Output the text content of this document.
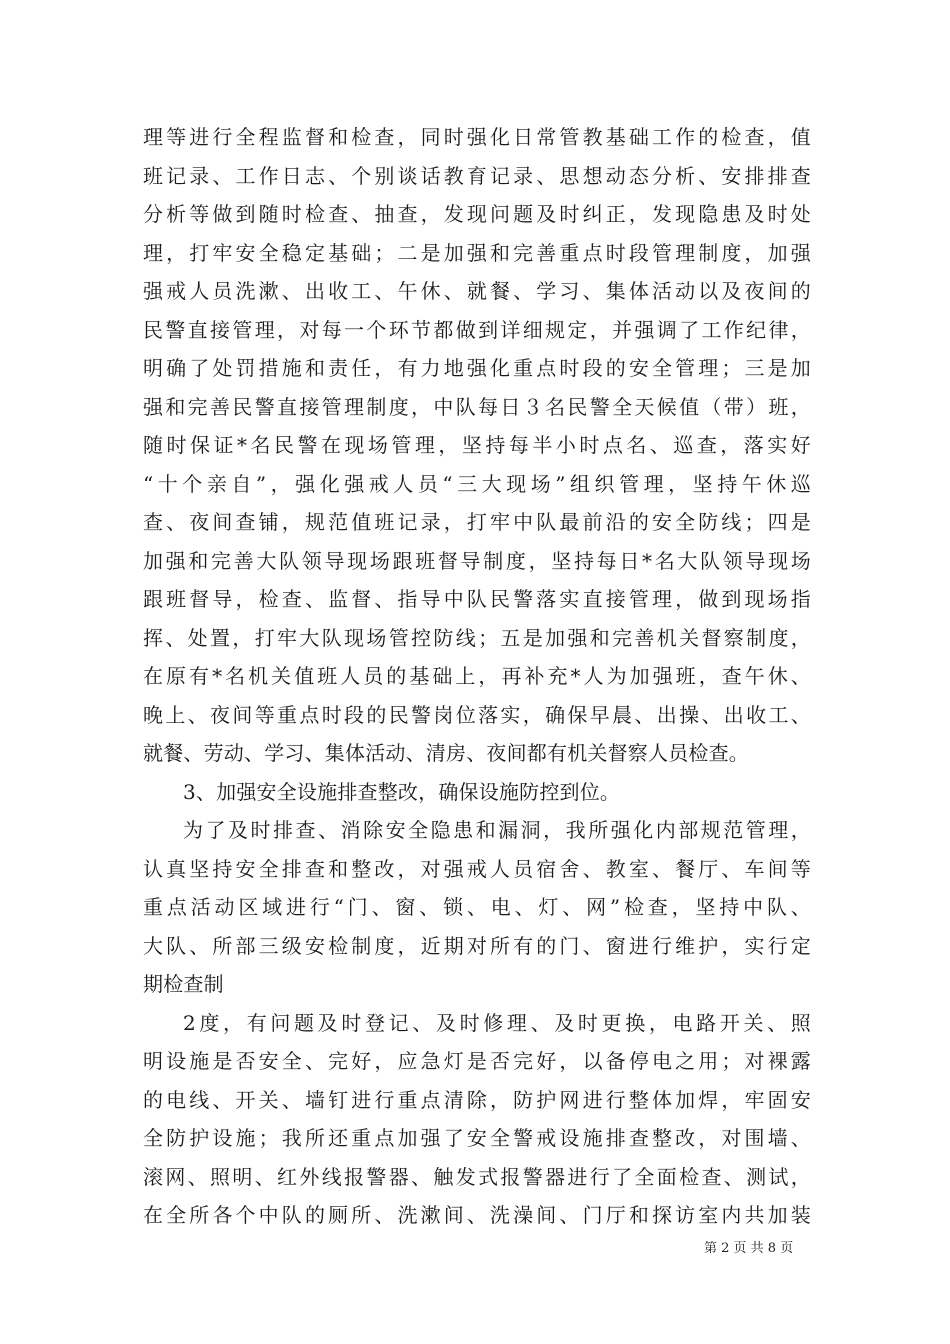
理等进行全程监督和检查，同时强化日常管教基础工作的检查，值
班记录、工作日志、个别谈话教育记录、思想动态分析、安排排查
分析等做到随时检查、抽查，发现问题及时纠正，发现隐患及时处
理，打牢安全稳定基础；二是加强和完善重点时段管理制度，加强
强戒人员洗漱、出收工、午休、就餐、学习、集体活动以及夜间的
民警直接管理，对每一个环节都做到详细规定，并强调了工作纪律，
明确了处罚措施和责任，有力地强化重点时段的安全管理；三是加
强和完善民警直接管理制度，中队每日３名民警全天候值（带）班，
随时保证*名民警在现场管理，坚持每半小时点名、巡查，落实好
“十个亲自”，强化强戒人员“三大现场”组织管理，坚持午休巡
查、夜间查铺，规范值班记录，打牢中队最前沿的安全防线；四是
加强和完善大队领导现场跟班督导制度，坚持每日*名大队领导现场
跟班督导，检查、监督、指导中队民警落实直接管理，做到现场指
挥、处置，打牢大队现场管控防线；五是加强和完善机关督察制度，
在原有*名机关值班人员的基础上，再补充*人为加强班，查午休、
晚上、夜间等重点时段的民警岗位落实，确保早晨、出操、出收工、
就餐、劳动、学习、集体活动、清房、夜间都有机关督察人员检查。
3、加强安全设施排查整改，确保设施防控到位。
为了及时排查、消除安全隐患和漏洞，我所强化内部规范管理，
认真坚持安全排查和整改，对强戒人员宿舍、教室、餐厅、车间等
重点活动区域进行“门、窗、锁、电、灯、网”检查，坚持中队、
大队、所部三级安检制度，近期对所有的门、窗进行维护，实行定
期检查制
2度，有问题及时登记、及时修理、及时更换，电路开关、照
明设施是否安全、完好，应急灯是否完好，以备停电之用；对裸露
的电线、开关、墙钉进行重点清除，防护网进行整体加焊，牢固安
全防护设施；我所还重点加强了安全警戒设施排查整改，对围墙、
滚网、照明、红外线报警器、触发式报警器进行了全面检查、测试，
在全所各个中队的厕所、洗漱间、洗澡间、门厅和探访室内共加装
第 2 页 共 8 页
